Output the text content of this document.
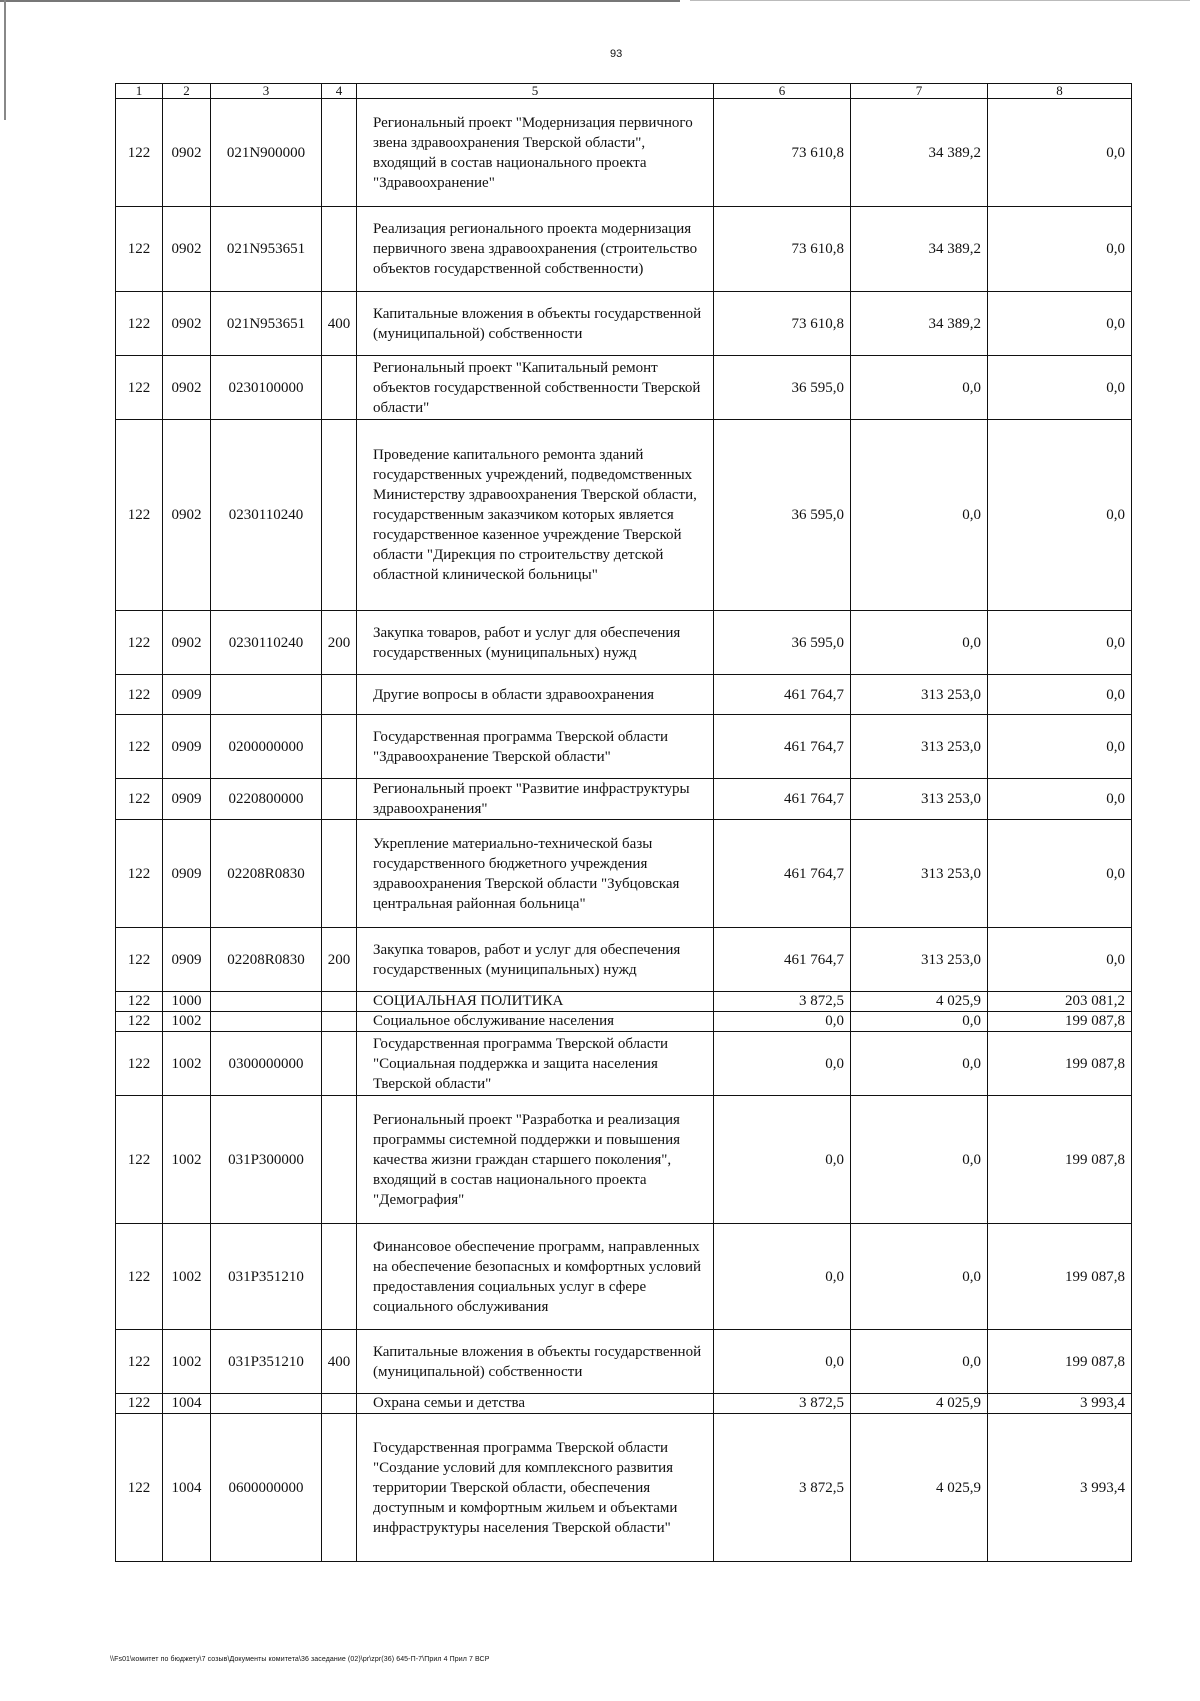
93
1	2	3	4	5	6	7	8
122	0902	021N900000		Региональный проект "Модернизация первичного звена здравоохранения Тверской области", входящий в состав национального проекта "Здравоохранение"	73 610,8	34 389,2	0,0
122	0902	021N953651		Реализация регионального проекта модернизация первичного звена здравоохранения (строительство объектов государственной собственности)	73 610,8	34 389,2	0,0
122	0902	021N953651	400	Капитальные вложения в объекты государственной (муниципальной) собственности	73 610,8	34 389,2	0,0
122	0902	0230100000		Региональный проект "Капитальный ремонт объектов государственной собственности Тверской области"	36 595,0	0,0	0,0
122	0902	0230110240		Проведение капитального ремонта зданий государственных учреждений, подведомственных Министерству здравоохранения Тверской области, государственным заказчиком которых является государственное казенное учреждение Тверской области "Дирекция по строительству детской областной клинической больницы"	36 595,0	0,0	0,0
122	0902	0230110240	200	Закупка товаров, работ и услуг для обеспечения государственных (муниципальных) нужд	36 595,0	0,0	0,0
122	0909			Другие вопросы в области здравоохранения	461 764,7	313 253,0	0,0
122	0909	0200000000		Государственная программа Тверской области "Здравоохранение Тверской области"	461 764,7	313 253,0	0,0
122	0909	0220800000		Региональный проект "Развитие инфраструктуры здравоохранения"	461 764,7	313 253,0	0,0
122	0909	02208R0830		Укрепление материально-технической базы государственного бюджетного учреждения здравоохранения Тверской области "Зубцовская центральная районная больница"	461 764,7	313 253,0	0,0
122	0909	02208R0830	200	Закупка товаров, работ и услуг для обеспечения государственных (муниципальных) нужд	461 764,7	313 253,0	0,0
122	1000			СОЦИАЛЬНАЯ ПОЛИТИКА	3 872,5	4 025,9	203 081,2
122	1002			Социальное обслуживание населения	0,0	0,0	199 087,8
122	1002	0300000000		Государственная программа Тверской области "Социальная поддержка и защита населения Тверской области"	0,0	0,0	199 087,8
122	1002	031P300000		Региональный проект "Разработка и реализация программы системной поддержки и повышения качества жизни граждан старшего поколения", входящий в состав национального проекта "Демография"	0,0	0,0	199 087,8
122	1002	031P351210		Финансовое обеспечение программ, направленных на обеспечение безопасных и комфортных условий предоставления социальных услуг в сфере социального обслуживания	0,0	0,0	199 087,8
122	1002	031P351210	400	Капитальные вложения в объекты государственной (муниципальной) собственности	0,0	0,0	199 087,8
122	1004			Охрана семьи и детства	3 872,5	4 025,9	3 993,4
122	1004	0600000000		Государственная программа Тверской области "Создание условий для комплексного развития территории Тверской области, обеспечения доступным и комфортным жильем и объектами инфраструктуры населения Тверской области"	3 872,5	4 025,9	3 993,4
\\Fs01\комитет по бюджету\7 созыв\Документы комитета\36 заседание (02)\pr\zpr(36) 645-П-7\Прил 4 Прил 7 ВСР
